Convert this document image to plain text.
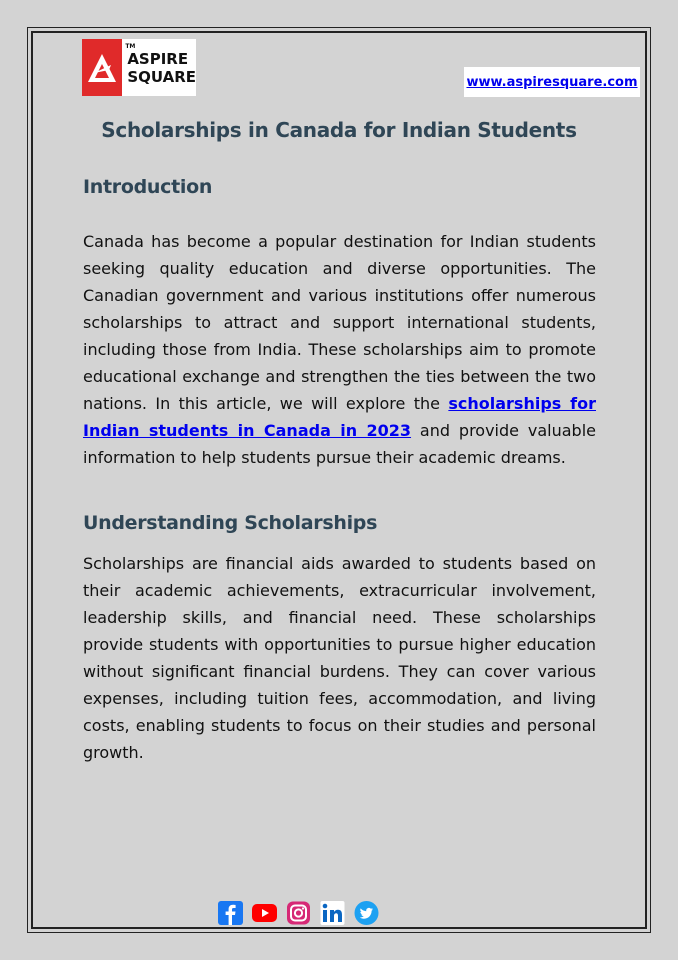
TM
ASPIRE
SQUARE	www.aspiresquare.com
Scholarships in Canada for Indian Students
Introduction

Canada has become a popular destination for Indian students seeking quality education and diverse opportunities. The Canadian government and various institutions offer numerous scholarships to attract and support international students, including those from India. These scholarships aim to promote educational exchange and strengthen the ties between the two nations. In this article, we will explore the scholarships for Indian students in Canada in 2023 and provide valuable information to help students pursue their academic dreams.

Understanding Scholarships

Scholarships are financial aids awarded to students based on their academic achievements, extracurricular involvement, leadership skills, and financial need. These scholarships provide students with opportunities to pursue higher education without significant financial burdens. They can cover various expenses, including tuition fees, accommodation, and living costs, enabling students to focus on their studies and personal growth.
